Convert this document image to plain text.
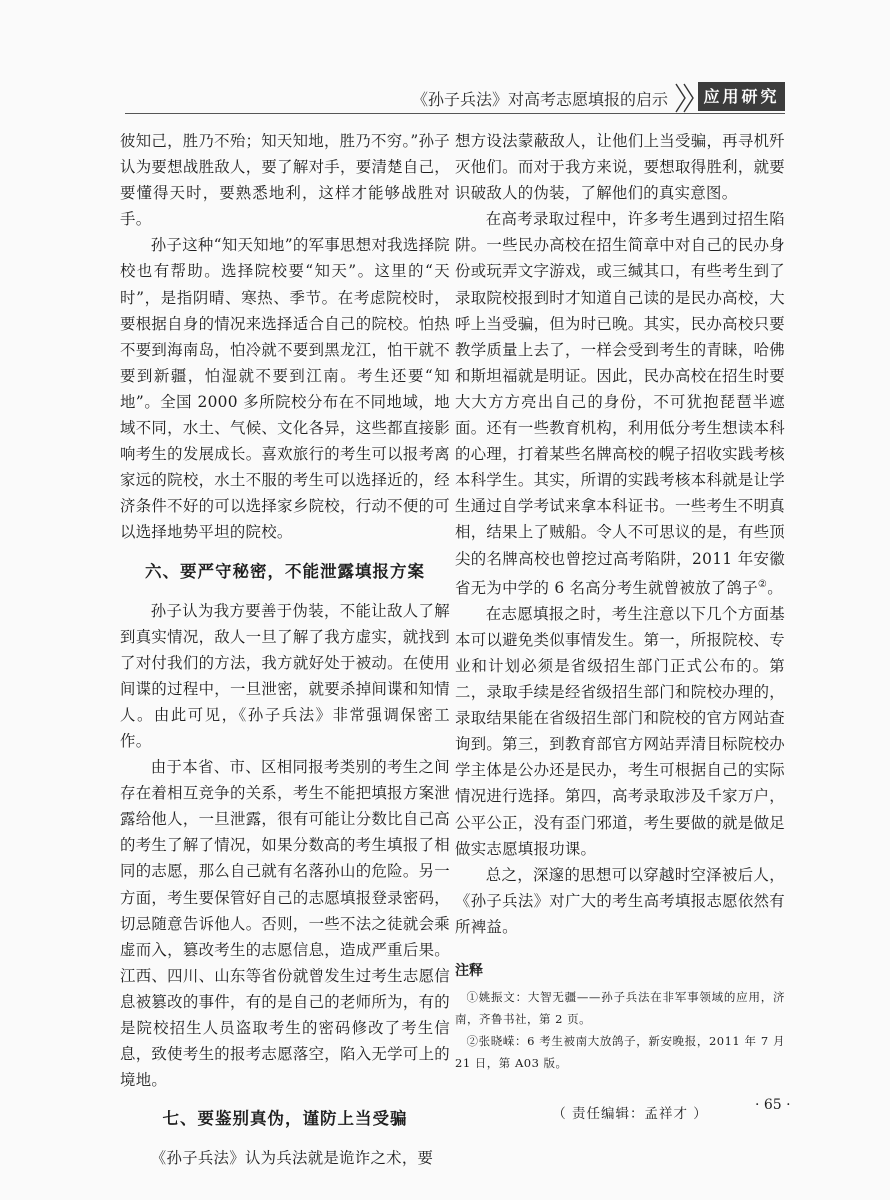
《孙子兵法》对高考志愿填报的启示	应用研究

彼知己，胜乃不殆；知天知地，胜乃不穷。”孙子认为要想战胜敌人，要了解对手，要清楚自己，要懂得天时，要熟悉地利，这样才能够战胜对手。

孙子这种“知天知地”的军事思想对我选择院校也有帮助。选择院校要“知天”。这里的“天时”，是指阴晴、寒热、季节。在考虑院校时，要根据自身的情况来选择适合自己的院校。怕热不要到海南岛，怕冷就不要到黑龙江，怕干就不要到新疆，怕湿就不要到江南。考生还要“知地”。全国 2000 多所院校分布在不同地域，地域不同，水土、气候、文化各异，这些都直接影响考生的发展成长。喜欢旅行的考生可以报考离家远的院校，水土不服的考生可以选择近的，经济条件不好的可以选择家乡院校，行动不便的可以选择地势平坦的院校。

六、要严守秘密，不能泄露填报方案

孙子认为我方要善于伪装，不能让敌人了解到真实情况，敌人一旦了解了我方虚实，就找到了对付我们的方法，我方就好处于被动。在使用间谍的过程中，一旦泄密，就要杀掉间谍和知情人。由此可见，《孙子兵法》非常强调保密工作。

由于本省、市、区相同报考类别的考生之间存在着相互竞争的关系，考生不能把填报方案泄露给他人，一旦泄露，很有可能让分数比自己高的考生了解了情况，如果分数高的考生填报了相同的志愿，那么自己就有名落孙山的危险。另一方面，考生要保管好自己的志愿填报登录密码，切忌随意告诉他人。否则，一些不法之徒就会乘虚而入，篡改考生的志愿信息，造成严重后果。江西、四川、山东等省份就曾发生过考生志愿信息被篡改的事件，有的是自己的老师所为，有的是院校招生人员盗取考生的密码修改了考生信息，致使考生的报考志愿落空，陷入无学可上的境地。

七、要鉴别真伪，谨防上当受骗

《孙子兵法》认为兵法就是诡诈之术，要

想方设法蒙蔽敌人，让他们上当受骗，再寻机歼灭他们。而对于我方来说，要想取得胜利，就要识破敌人的伪装，了解他们的真实意图。

在高考录取过程中，许多考生遇到过招生陷阱。一些民办高校在招生简章中对自己的民办身份或玩弄文字游戏，或三缄其口，有些考生到了录取院校报到时才知道自己读的是民办高校，大呼上当受骗，但为时已晚。其实，民办高校只要教学质量上去了，一样会受到考生的青睐，哈佛和斯坦福就是明证。因此，民办高校在招生时要大大方方亮出自己的身份，不可犹抱琵琶半遮面。还有一些教育机构，利用低分考生想读本科的心理，打着某些名牌高校的幌子招收实践考核本科学生。其实，所谓的实践考核本科就是让学生通过自学考试来拿本科证书。一些考生不明真相，结果上了贼船。令人不可思议的是，有些顶尖的名牌高校也曾挖过高考陷阱，2011 年安徽省无为中学的 6 名高分考生就曾被放了鸽子②。

在志愿填报之时，考生注意以下几个方面基本可以避免类似事情发生。第一，所报院校、专业和计划必须是省级招生部门正式公布的。第二，录取手续是经省级招生部门和院校办理的，录取结果能在省级招生部门和院校的官方网站查询到。第三，到教育部官方网站弄清目标院校办学主体是公办还是民办，考生可根据自己的实际情况进行选择。第四，高考录取涉及千家万户，公平公正，没有歪门邪道，考生要做的就是做足做实志愿填报功课。

总之，深邃的思想可以穿越时空泽被后人，《孙子兵法》对广大的考生高考填报志愿依然有所裨益。

注释

①姚振文：大智无疆——孙子兵法在非军事领域的应用，济南，齐鲁书社，第 2 页。

②张晓嵘：6 考生被南大放鸽子，新安晚报，2011 年 7 月 21 日，第 A03 版。

（ 责任编辑：孟祥才 ）
· 65 ·
